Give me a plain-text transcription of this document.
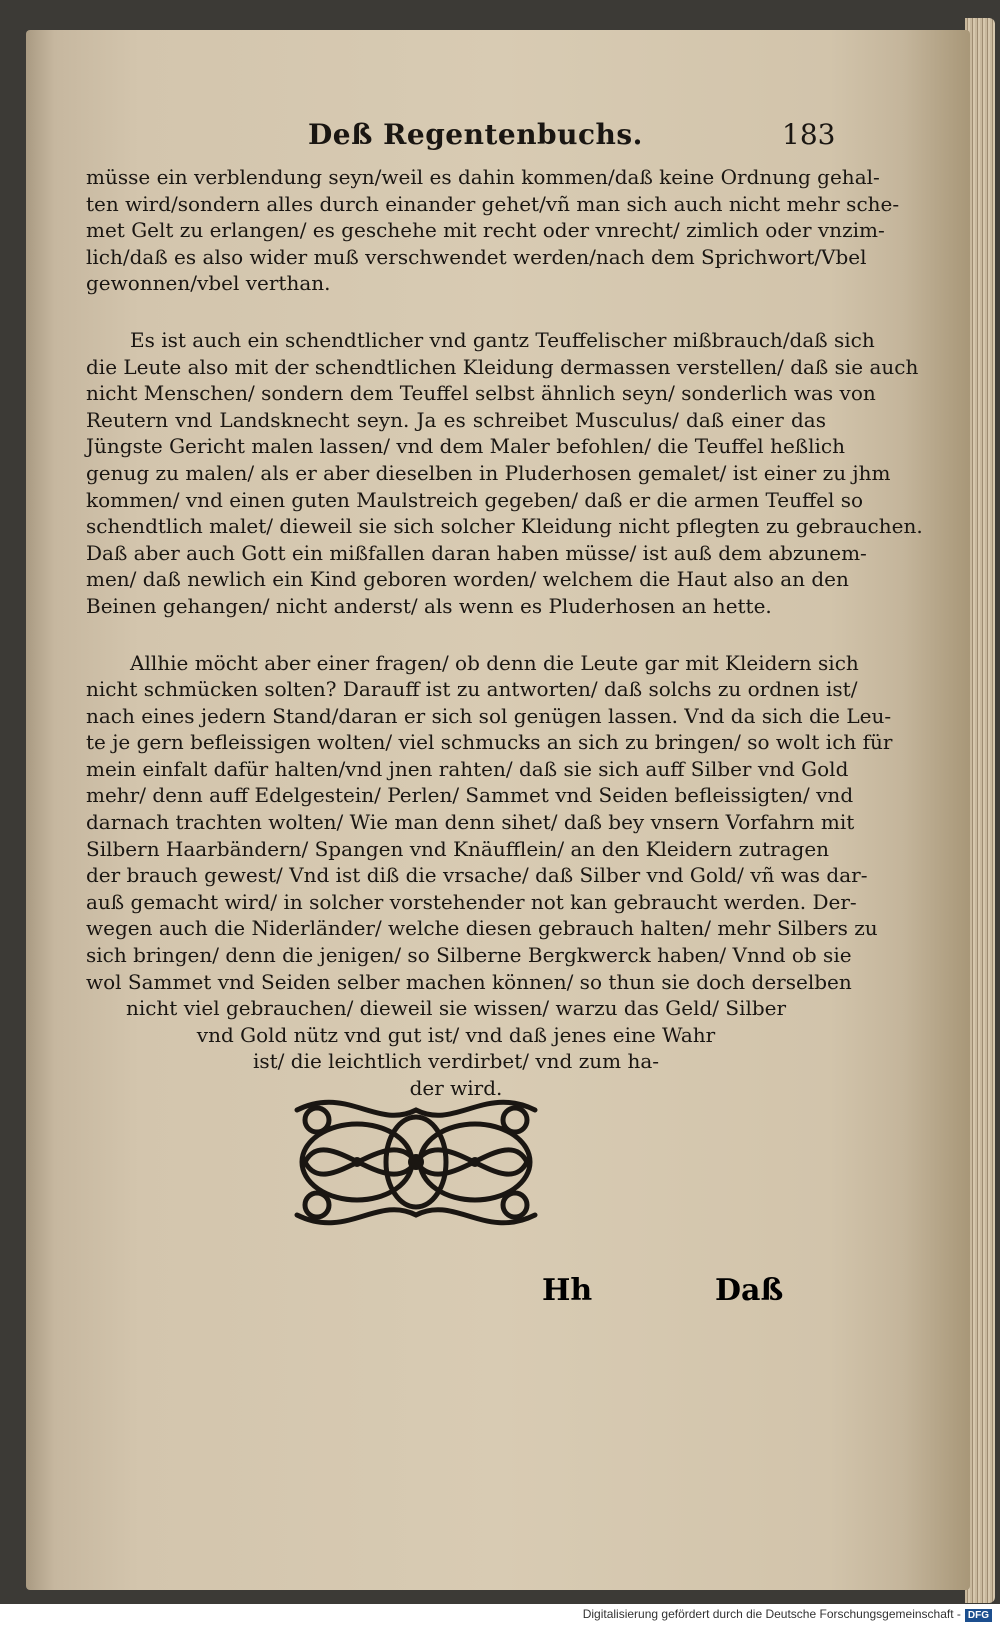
Deß Regentenbuchs.	183
müsse ein verblendung seyn/weil es dahin kommen/daß keine Ordnung gehal-
ten wird/sondern alles durch einander gehet/vñ man sich auch nicht mehr sche-
met Gelt zu erlangen/ es geschehe mit recht oder vnrecht/ zimlich oder vnzim-
lich/daß es also wider muß verschwendet werden/nach dem Sprichwort/Vbel
gewonnen/vbel verthan.
Es ist auch ein schendtlicher vnd gantz Teuffelischer mißbrauch/daß sich
die Leute also mit der schendtlichen Kleidung dermassen verstellen/ daß sie auch
nicht Menschen/ sondern dem Teuffel selbst ähnlich seyn/ sonderlich was von
Reutern vnd Landsknecht seyn. Ja es schreibet Musculus/ daß einer das
Jüngste Gericht malen lassen/ vnd dem Maler befohlen/ die Teuffel heßlich
genug zu malen/ als er aber dieselben in Pluderhosen gemalet/ ist einer zu jhm
kommen/ vnd einen guten Maulstreich gegeben/ daß er die armen Teuffel so
schendtlich malet/ dieweil sie sich solcher Kleidung nicht pflegten zu gebrauchen.
Daß aber auch Gott ein mißfallen daran haben müsse/ ist auß dem abzunem-
men/ daß newlich ein Kind geboren worden/ welchem die Haut also an den
Beinen gehangen/ nicht anderst/ als wenn es Pluderhosen an hette.
Allhie möcht aber einer fragen/ ob denn die Leute gar mit Kleidern sich
nicht schmücken solten? Darauff ist zu antworten/ daß solchs zu ordnen ist/
nach eines jedern Stand/daran er sich sol genügen lassen. Vnd da sich die Leu-
te je gern befleissigen wolten/ viel schmucks an sich zu bringen/ so wolt ich für
mein einfalt dafür halten/vnd jnen rahten/ daß sie sich auff Silber vnd Gold
mehr/ denn auff Edelgestein/ Perlen/ Sammet vnd Seiden befleissigten/ vnd
darnach trachten wolten/ Wie man denn sihet/ daß bey vnsern Vorfahrn mit
Silbern Haarbändern/ Spangen vnd Knäufflein/ an den Kleidern zutragen
der brauch gewest/ Vnd ist diß die vrsache/ daß Silber vnd Gold/ vñ was dar-
auß gemacht wird/ in solcher vorstehender not kan gebraucht werden. Der-
wegen auch die Niderländer/ welche diesen gebrauch halten/ mehr Silbers zu
sich bringen/ denn die jenigen/ so Silberne Bergkwerck haben/ Vnnd ob sie
wol Sammet vnd Seiden selber machen können/ so thun sie doch derselben
nicht viel gebrauchen/ dieweil sie wissen/ warzu das Geld/ Silber
vnd Gold nütz vnd gut ist/ vnd daß jenes eine Wahr
ist/ die leichtlich verdirbet/ vnd zum ha-
der wird.
Hh	Daß
Digitalisierung gefördert durch die Deutsche Forschungsgemeinschaft - DFG
